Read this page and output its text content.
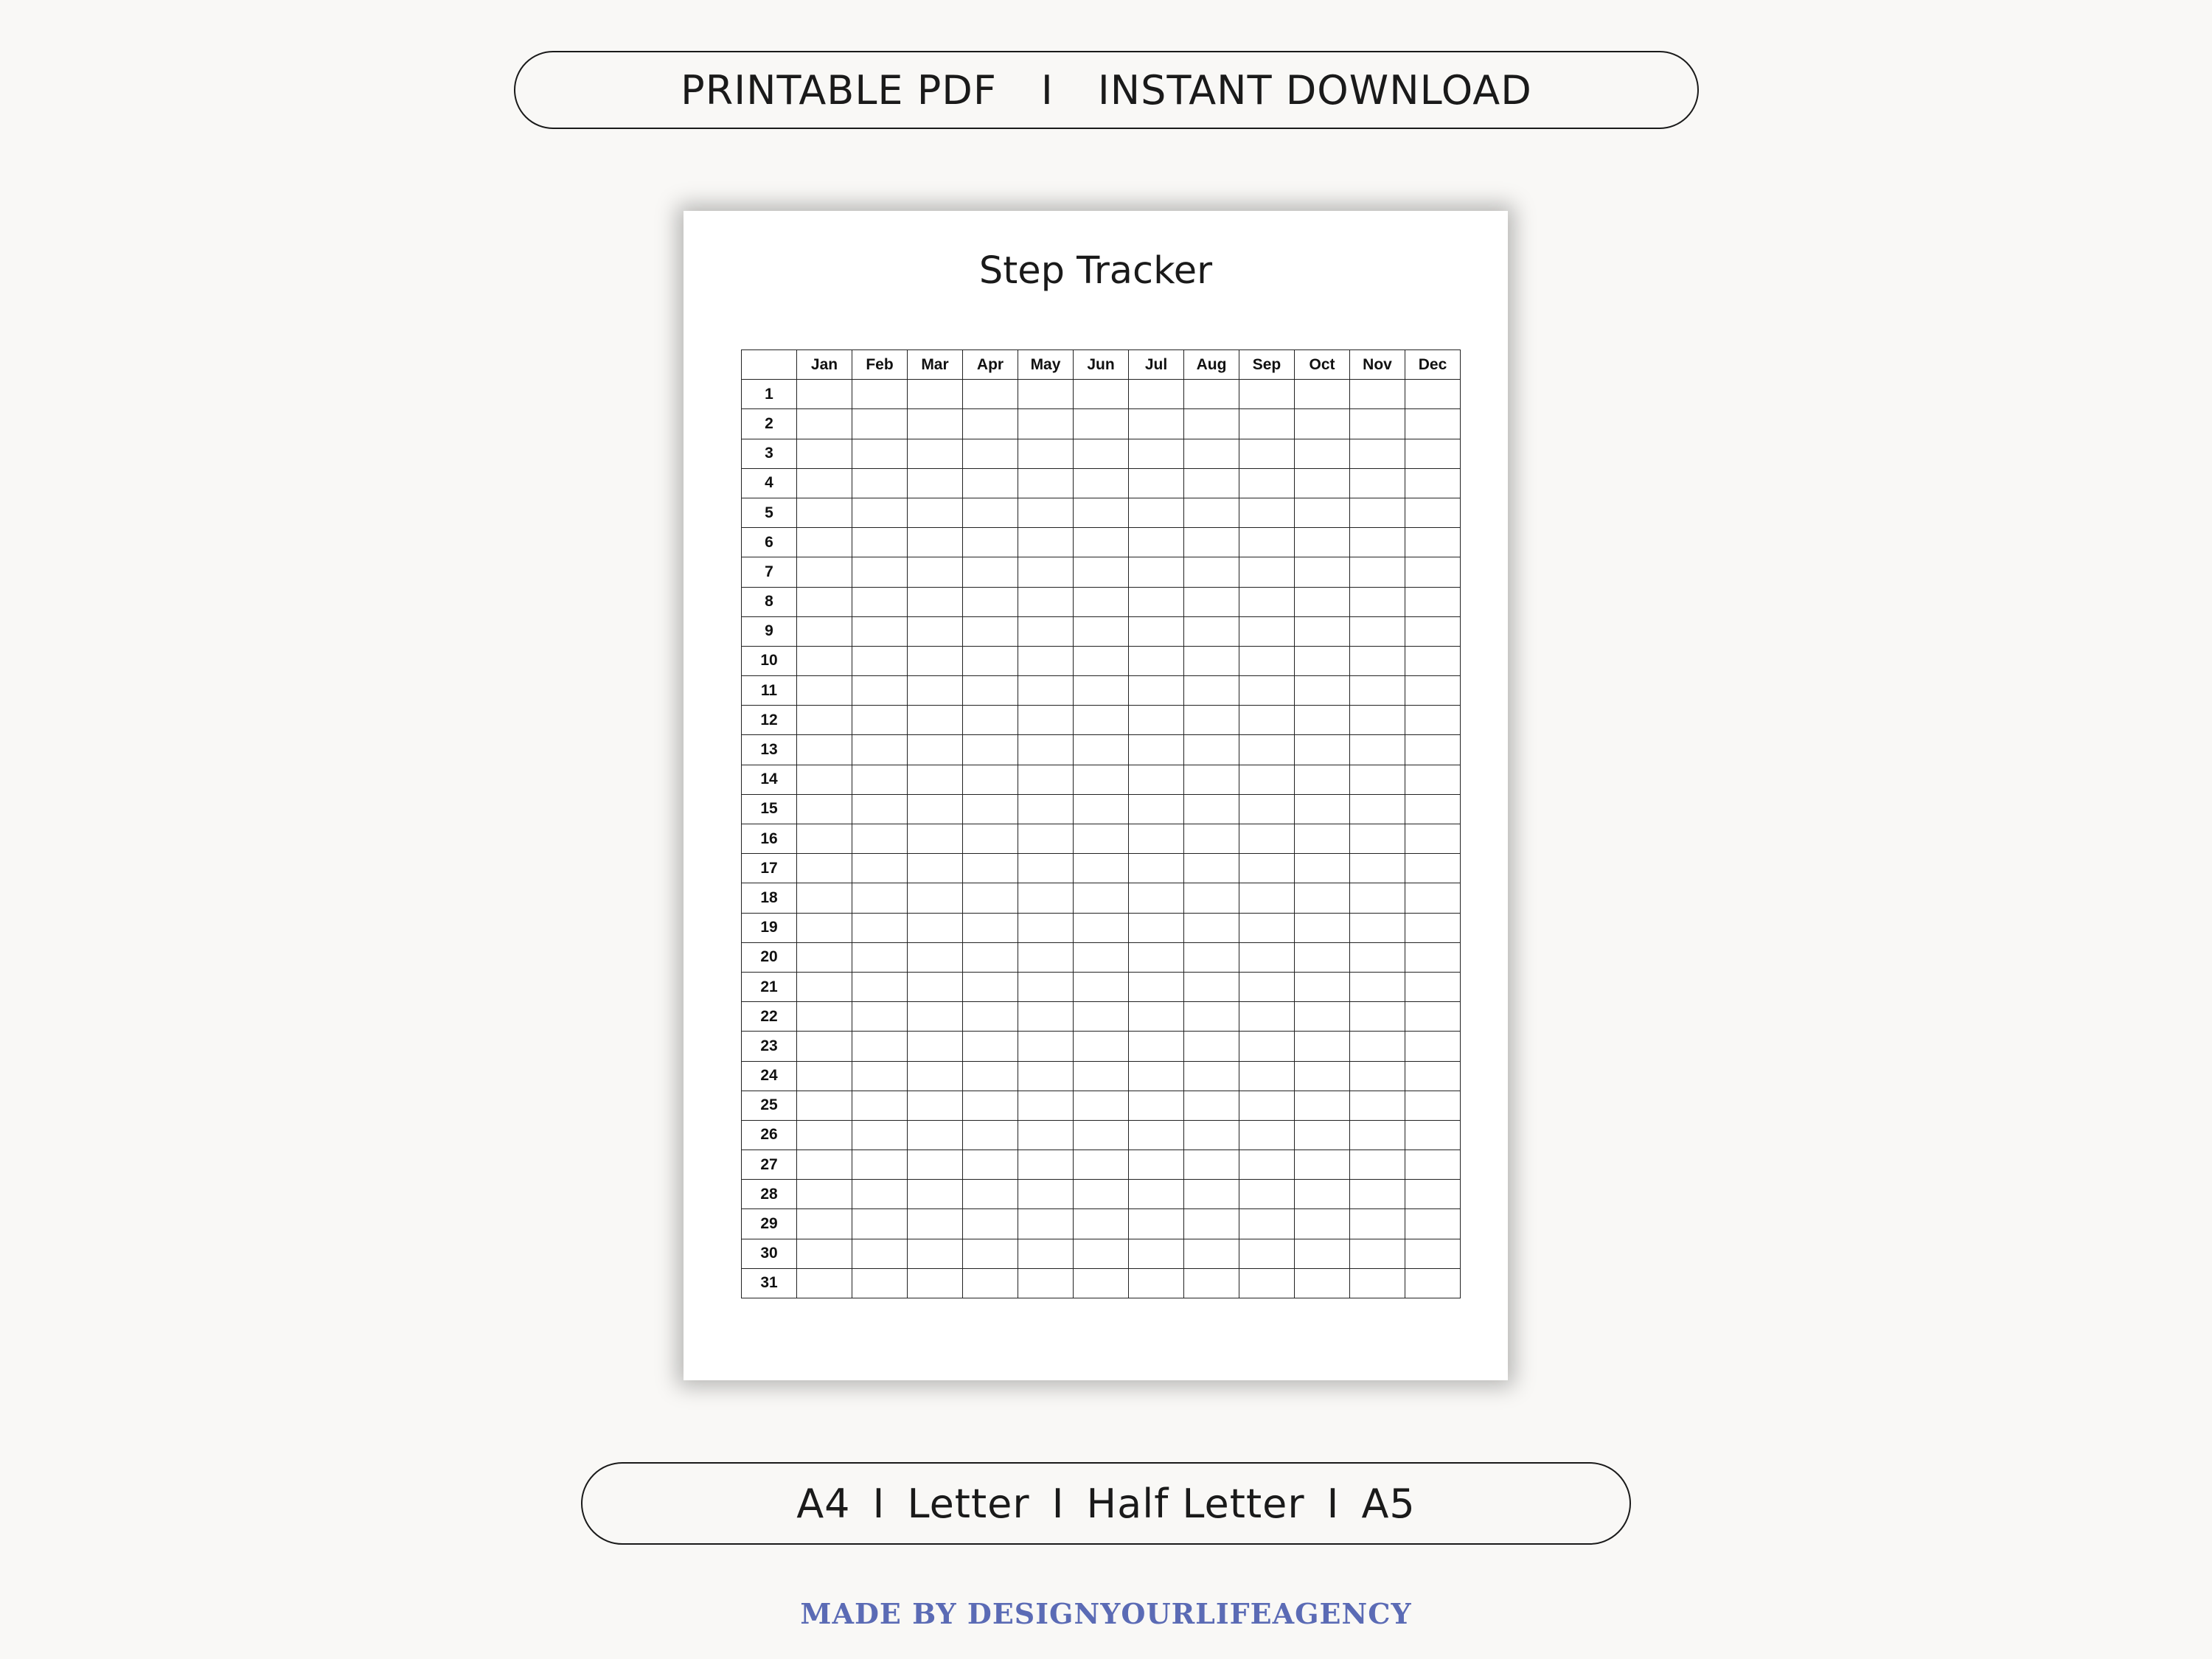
PRINTABLE PDF I INSTANT DOWNLOAD
Step Tracker
	Jan	Feb	Mar	Apr	May	Jun	Jul	Aug	Sep	Oct	Nov	Dec
1												
2												
3												
4												
5												
6												
7												
8												
9												
10												
11												
12												
13												
14												
15												
16												
17												
18												
19												
20												
21												
22												
23												
24												
25												
26												
27												
28												
29												
30												
31												
A4 I Letter I Half Letter I A5
MADE BY DESIGNYOURLIFEAGENCY
